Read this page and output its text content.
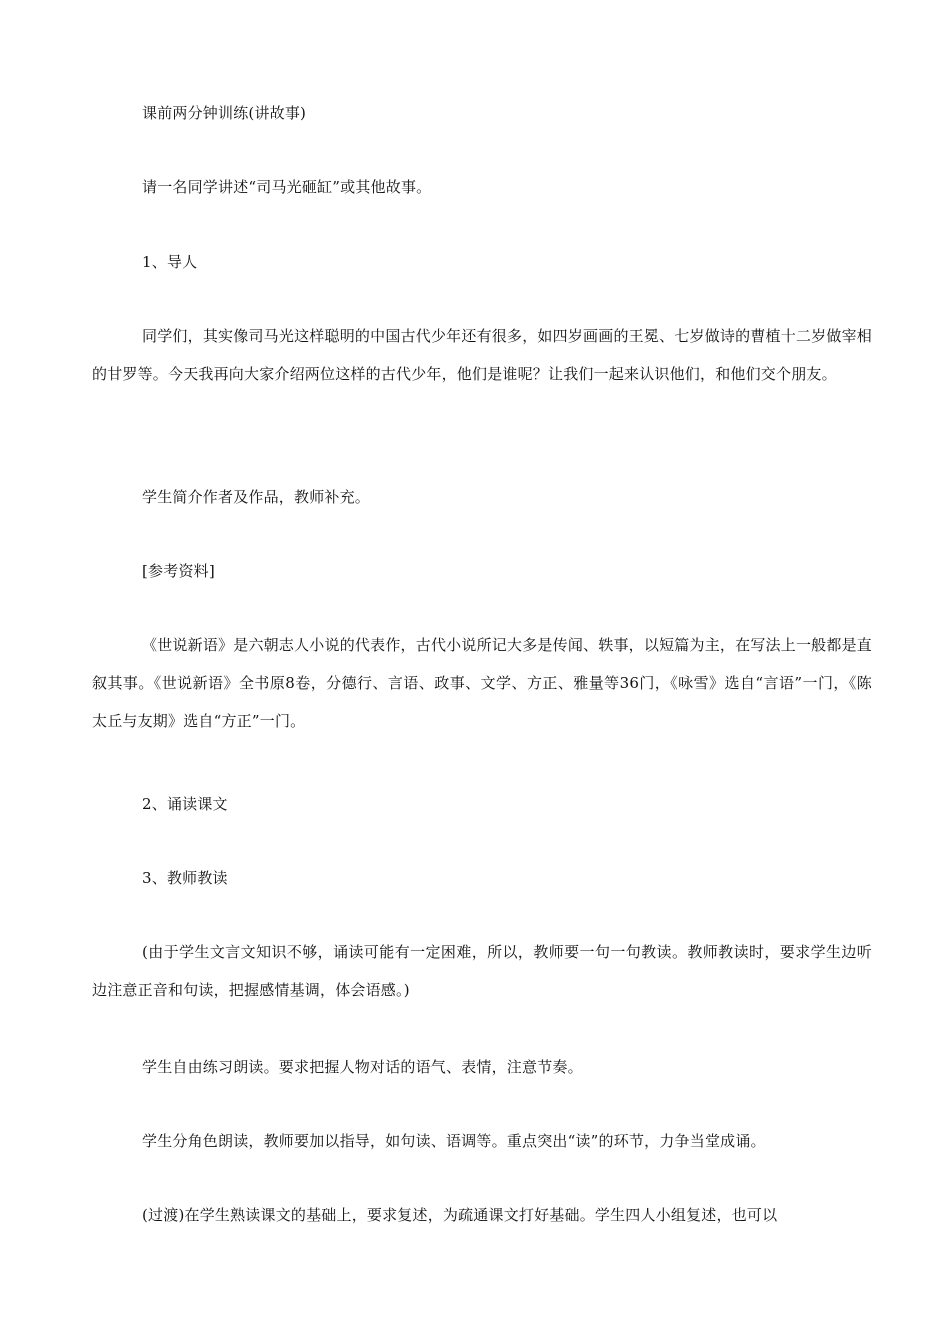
课前两分钟训练(讲故事)

请一名同学讲述“司马光砸缸”或其他故事。

1、导人

同学们，其实像司马光这样聪明的中国古代少年还有很多，如四岁画画的王冕、七岁做诗的曹植十二岁做宰相的甘罗等。今天我再向大家介绍两位这样的古代少年，他们是谁呢？让我们一起来认识他们，和他们交个朋友。

学生简介作者及作品，教师补充。

[参考资料]

《世说新语》是六朝志人小说的代表作，古代小说所记大多是传闻、轶事，以短篇为主，在写法上一般都是直叙其事。《世说新语》全书原8卷，分德行、言语、政事、文学、方正、雅量等36门，《咏雪》选自“言语”一门，《陈太丘与友期》选自“方正”一门。

2、诵读课文

3、教师教读

(由于学生文言文知识不够，诵读可能有一定困难，所以，教师要一句一句教读。教师教读时，要求学生边听边注意正音和句读，把握感情基调，体会语感。)

学生自由练习朗读。要求把握人物对话的语气、表情，注意节奏。

学生分角色朗读，教师要加以指导，如句读、语调等。重点突出“读”的环节，力争当堂成诵。

(过渡)在学生熟读课文的基础上，要求复述，为疏通课文打好基础。学生四人小组复述，也可以
